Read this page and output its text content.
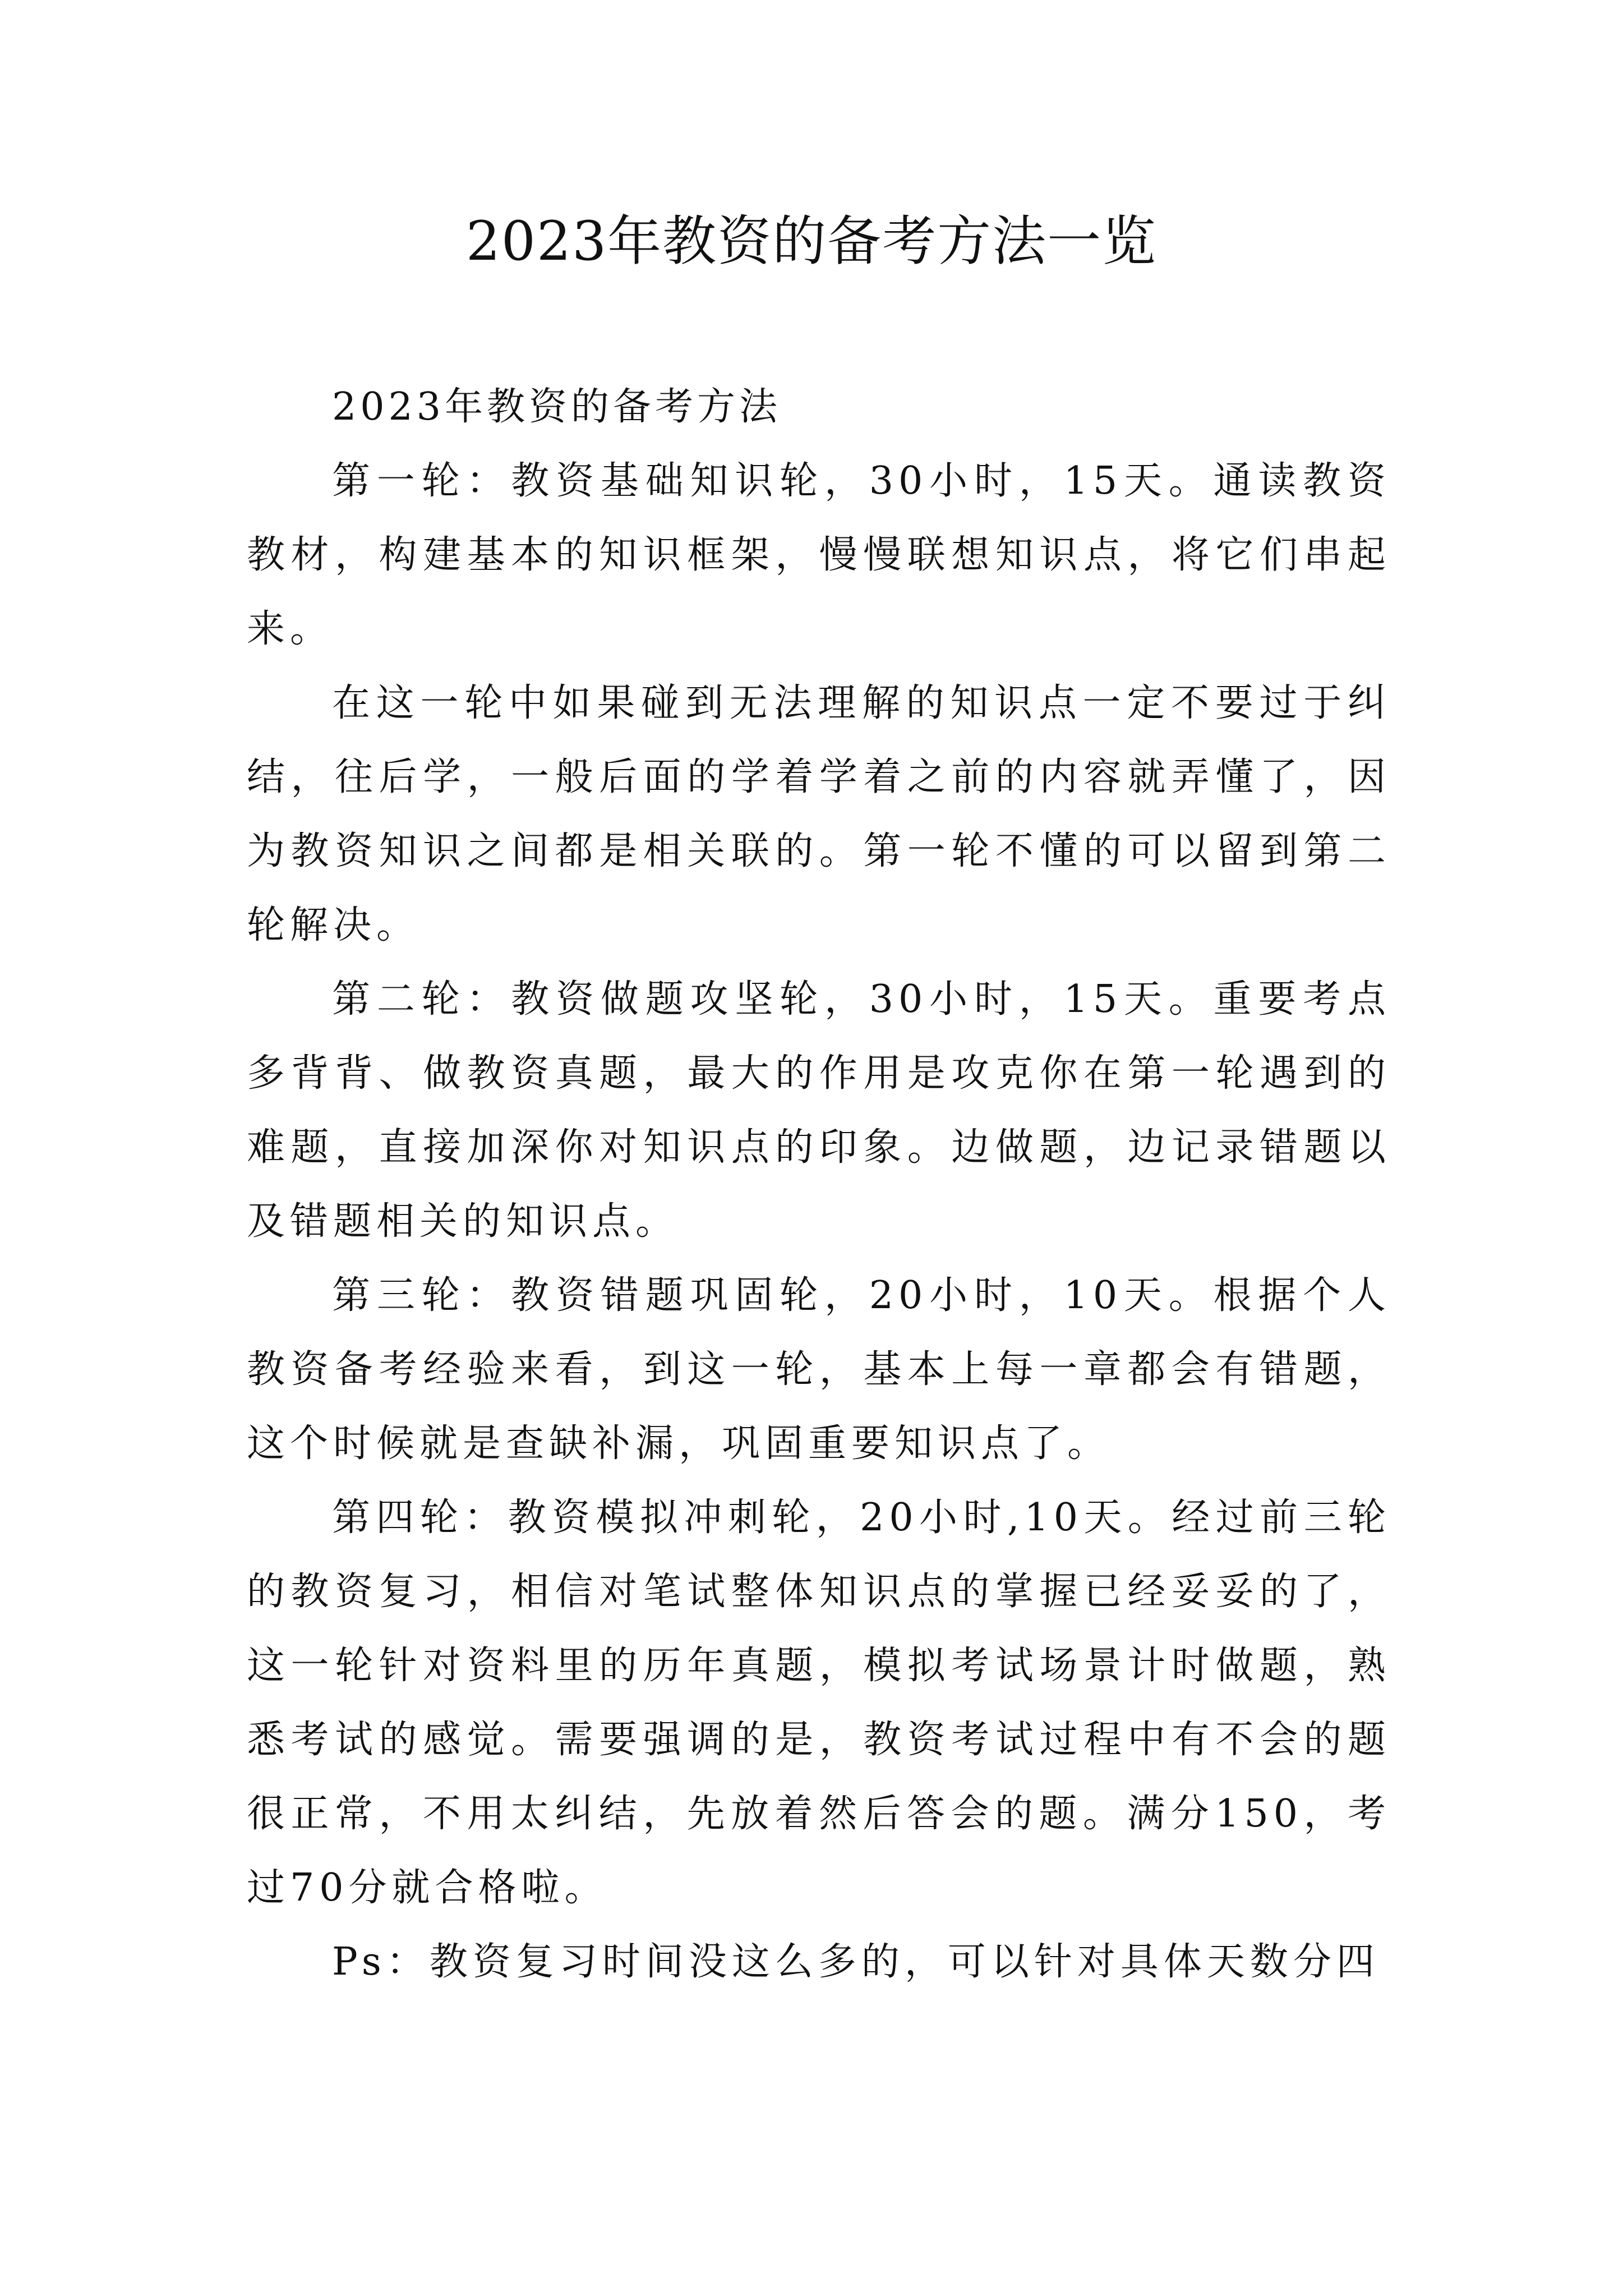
2023年教资的备考方法一览

2023年教资的备考方法

第一轮：教资基础知识轮，30小时，15天。通读教资教材，构建基本的知识框架，慢慢联想知识点，将它们串起来。

在这一轮中如果碰到无法理解的知识点一定不要过于纠结，往后学，一般后面的学着学着之前的内容就弄懂了，因为教资知识之间都是相关联的。第一轮不懂的可以留到第二轮解决。

第二轮：教资做题攻坚轮，30小时，15天。重要考点多背背、做教资真题，最大的作用是攻克你在第一轮遇到的难题，直接加深你对知识点的印象。边做题，边记录错题以及错题相关的知识点。

第三轮：教资错题巩固轮，20小时，10天。根据个人教资备考经验来看，到这一轮，基本上每一章都会有错题，这个时候就是查缺补漏，巩固重要知识点了。

第四轮：教资模拟冲刺轮，20小时,10天。经过前三轮的教资复习，相信对笔试整体知识点的掌握已经妥妥的了，这一轮针对资料里的历年真题，模拟考试场景计时做题，熟悉考试的感觉。需要强调的是，教资考试过程中有不会的题很正常，不用太纠结，先放着然后答会的题。满分150，考过70分就合格啦。

Ps：教资复习时间没这么多的，可以针对具体天数分四
